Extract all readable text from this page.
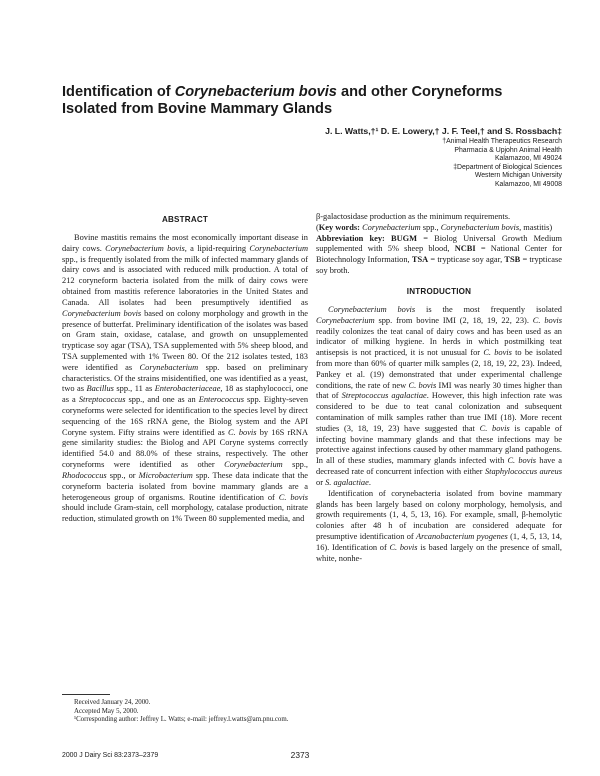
Identification of Corynebacterium bovis and other Coryneforms Isolated from Bovine Mammary Glands
J. L. Watts,†¹ D. E. Lowery,† J. F. Teel,† and S. Rossbach‡
†Animal Health Therapeutics Research
Pharmacia & Upjohn Animal Health
Kalamazoo, MI 49024
‡Department of Biological Sciences
Western Michigan University
Kalamazoo, MI 49008
ABSTRACT

Bovine mastitis remains the most economically important disease in dairy cows. Corynebacterium bovis, a lipid-requiring Corynebacterium spp., is frequently isolated from the milk of infected mammary glands of dairy cows and is associated with reduced milk production. A total of 212 coryneform bacteria isolated from the milk of dairy cows were obtained from mastitis reference laboratories in the United States and Canada. All isolates had been presumptively identified as Corynebacterium bovis based on colony morphology and growth in the presence of butterfat. Preliminary identification of the isolates was based on Gram stain, oxidase, catalase, and growth on unsupplemented trypticase soy agar (TSA), TSA supplemented with 5% sheep blood, and TSA supplemented with 1% Tween 80. Of the 212 isolates tested, 183 were identified as Corynebacterium spp. based on preliminary characteristics. Of the strains misidentified, one was identified as a yeast, two as Bacillus spp., 11 as Enterobacteriaceae, 18 as staphylococci, one as a Streptococcus spp., and one as an Enterococcus spp. Eighty-seven coryneforms were selected for identification to the species level by direct sequencing of the 16S rRNA gene, the Biolog system and the API Coryne system. Fifty strains were identified as C. bovis by 16S rRNA gene similarity studies: the Biolog and API Coryne systems correctly identified 54.0 and 88.0% of these strains, respectively. The other coryneforms were identified as other Corynebacterium spp., Rhodococcus spp., or Microbacterium spp. These data indicate that the coryneform bacteria isolated from bovine mammary glands are a heterogeneous group of organisms. Routine identification of C. bovis should include Gram-stain, cell morphology, catalase production, nitrate reduction, stimulated growth on 1% Tween 80 supplemented media, and

β-galactosidase production as the minimum requirements.

(Key words: Corynebacterium spp., Corynebacterium bovis, mastitis)

Abbreviation key: BUGM = Biolog Universal Growth Medium supplemented with 5% sheep blood, NCBI = National Center for Biotechnology Information, TSA = trypticase soy agar, TSB = trypticase soy broth.

INTRODUCTION

Corynebacterium bovis is the most frequently isolated Corynebacterium spp. from bovine IMI (2, 18, 19, 22, 23). C. bovis readily colonizes the teat canal of dairy cows and has been used as an indicator of milking hygiene. In herds in which postmilking teat antisepsis is not practiced, it is not unusual for C. bovis to be isolated from more than 60% of quarter milk samples (2, 18, 19, 22, 23). Indeed, Pankey et al. (19) demonstrated that under experimental challenge conditions, the rate of new C. bovis IMI was nearly 30 times higher than that of Streptococcus agalactiae. However, this high infection rate was considered to be due to teat canal colonization and subsequent contamination of milk samples rather than true IMI (18). More recent studies (3, 18, 19, 23) have suggested that C. bovis is capable of infecting bovine mammary glands and that these infections may be protective against infections caused by other mammary gland pathogens. In all of these studies, mammary glands infected with C. bovis have a decreased rate of concurrent infection with either Staphylococcus aureus or S. agalactiae.

Identification of corynebacteria isolated from bovine mammary glands has been largely based on colony morphology, hemolysis, and growth requirements (1, 4, 5, 13, 16). For example, small, β-hemolytic colonies after 48 h of incubation are considered adequate for presumptive identification of Arcanobacterium pyogenes (1, 4, 5, 13, 14, 16). Identification of C. bovis is based largely on the presence of small, white, nonhe-

Received January 24, 2000.

Accepted May 5, 2000.

¹Corresponding author: Jeffrey L. Watts; e-mail: jeffrey.l.watts@am.pnu.com.

2000 J Dairy Sci 83:2373–2379	2373
